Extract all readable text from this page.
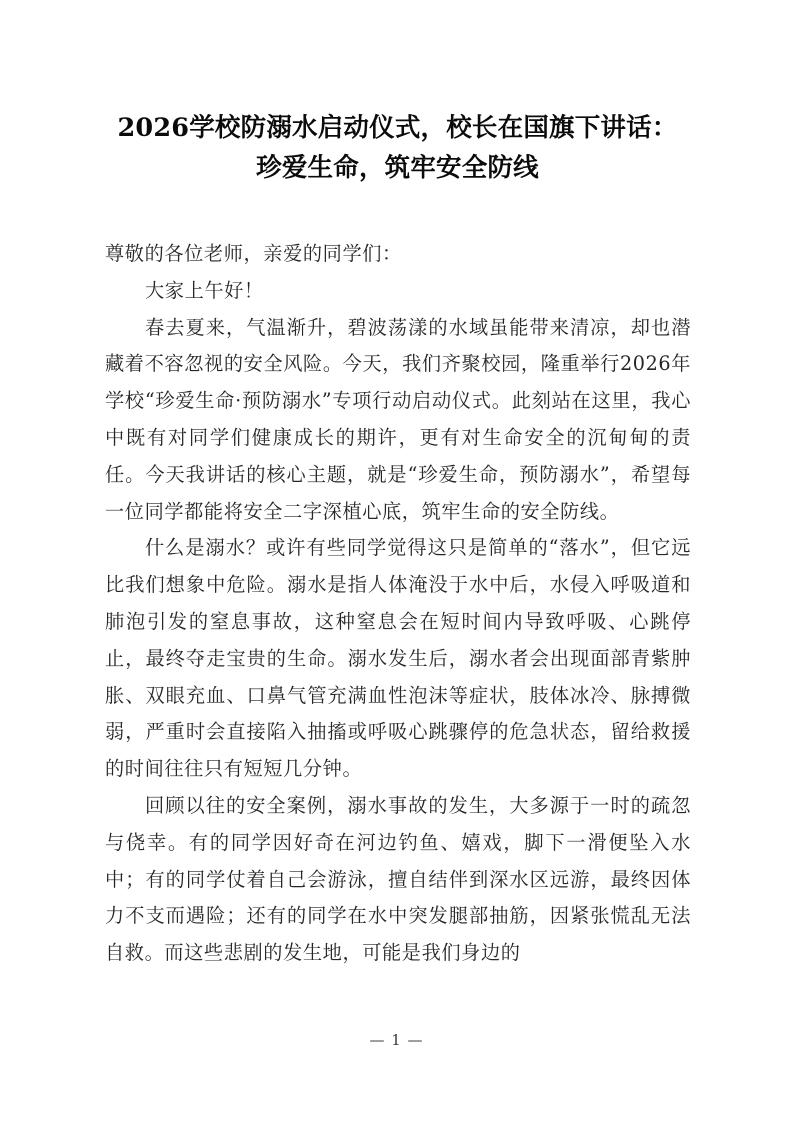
2026学校防溺水启动仪式，校长在国旗下讲话：珍爱生命，筑牢安全防线

尊敬的各位老师，亲爱的同学们：

大家上午好！

春去夏来，气温渐升，碧波荡漾的水域虽能带来清凉，却也潜藏着不容忽视的安全风险。今天，我们齐聚校园，隆重举行2026年学校“珍爱生命·预防溺水”专项行动启动仪式。此刻站在这里，我心中既有对同学们健康成长的期许，更有对生命安全的沉甸甸的责任。今天我讲话的核心主题，就是“珍爱生命，预防溺水”，希望每一位同学都能将安全二字深植心底，筑牢生命的安全防线。

什么是溺水？或许有些同学觉得这只是简单的“落水”，但它远比我们想象中危险。溺水是指人体淹没于水中后，水侵入呼吸道和肺泡引发的窒息事故，这种窒息会在短时间内导致呼吸、心跳停止，最终夺走宝贵的生命。溺水发生后，溺水者会出现面部青紫肿胀、双眼充血、口鼻气管充满血性泡沫等症状，肢体冰冷、脉搏微弱，严重时会直接陷入抽搐或呼吸心跳骤停的危急状态，留给救援的时间往往只有短短几分钟。

回顾以往的安全案例，溺水事故的发生，大多源于一时的疏忽与侥幸。有的同学因好奇在河边钓鱼、嬉戏，脚下一滑便坠入水中；有的同学仗着自己会游泳，擅自结伴到深水区远游，最终因体力不支而遇险；还有的同学在水中突发腿部抽筋，因紧张慌乱无法自救。而这些悲剧的发生地，可能是我们身边的

— 1 —
